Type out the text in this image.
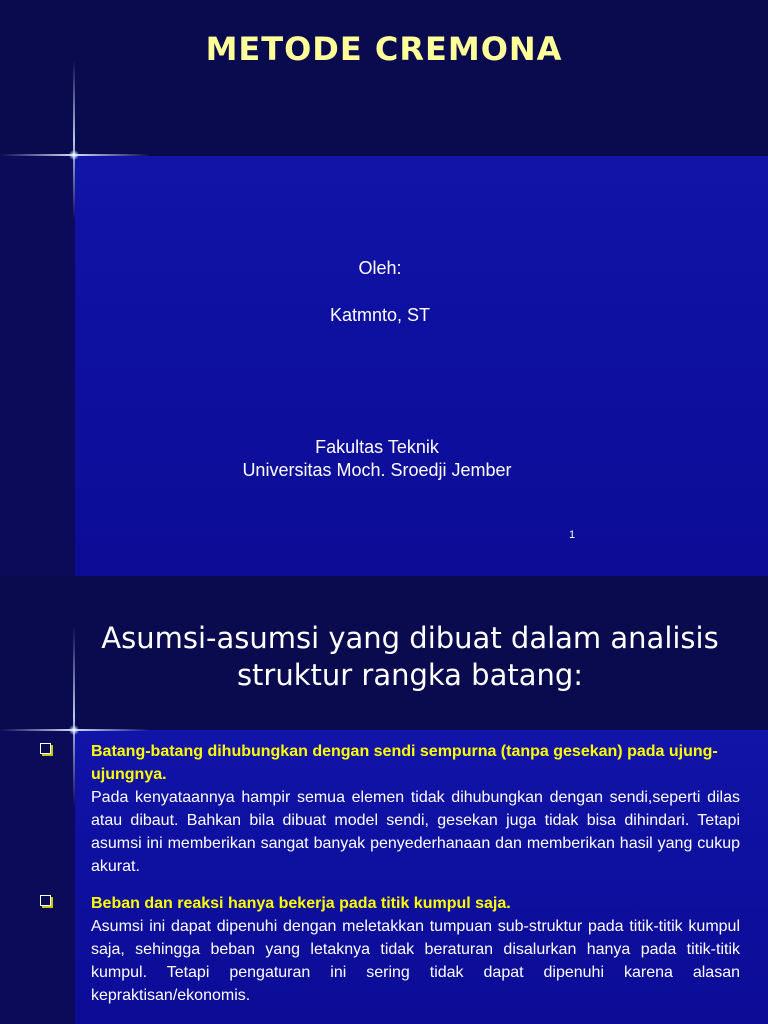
METODE CREMONA
Oleh:
Katmnto, ST
Fakultas Teknik
Universitas Moch. Sroedji Jember
1
Asumsi-asumsi yang dibuat dalam analisis
struktur rangka batang:
Batang-batang dihubungkan dengan sendi sempurna (tanpa gesekan) pada ujung-ujungnya.
Pada kenyataannya hampir semua elemen tidak dihubungkan dengan sendi,seperti dilas atau dibaut. Bahkan bila dibuat model sendi, gesekan juga tidak bisa dihindari. Tetapi asumsi ini memberikan sangat banyak penyederhanaan dan memberikan hasil yang cukup akurat.
Beban dan reaksi hanya bekerja pada titik kumpul saja.
Asumsi ini dapat dipenuhi dengan meletakkan tumpuan sub-struktur pada titik-titik kumpul saja, sehingga beban yang letaknya tidak beraturan disalurkan hanya pada titik-titik kumpul. Tetapi pengaturan ini sering tidak dapat dipenuhi karena alasan kepraktisan/ekonomis.
